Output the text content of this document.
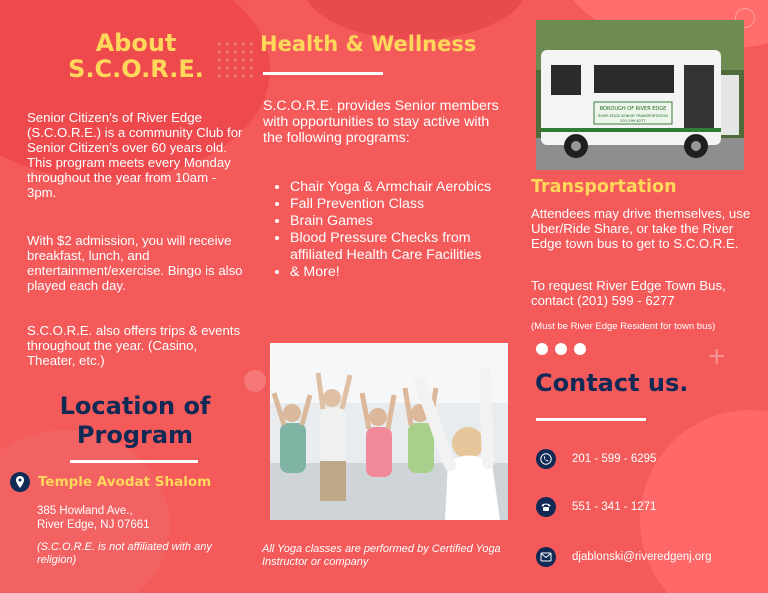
+
About
S.C.O.R.E.
Senior Citizen’s of River Edge (S.C.O.R.E.) is a community Club for Senior Citizen’s over 60 years old. This program meets every Monday throughout the year from 10am - 3pm.
With $2 admission, you will receive breakfast, lunch, and entertainment/exercise. Bingo is also played each day.
S.C.O.R.E. also offers trips & events throughout the year. (Casino, Theater, etc.)
Location of
Program
Temple Avodat Shalom
385 Howland Ave.,
River Edge, NJ 07661
(S.C.O.R.E. is not affiliated with any religion)
Health & Wellness
S.C.O.R.E. provides Senior members with opportunities to stay active with the following programs:
• Chair Yoga & Armchair Aerobics
• Fall Prevention Class
• Brain Games
• Blood Pressure Checks from affiliated Health Care Facilities
• & More!
All Yoga classes are performed by Certified Yoga Instructor or company
BOROUGH OF RIVER EDGE
RIVER EDGE SENIOR TRANSPORTATION
201-599-6277
Transportation
Attendees may drive themselves, use Uber/Ride Share, or take the River Edge town bus to get to S.C.O.R.E.
To request River Edge Town Bus, contact (201) 599 - 6277
(Must be River Edge Resident for town bus)
Contact us.
201 - 599 - 6295
551 - 341 - 1271
djablonski@riveredgenj.org
